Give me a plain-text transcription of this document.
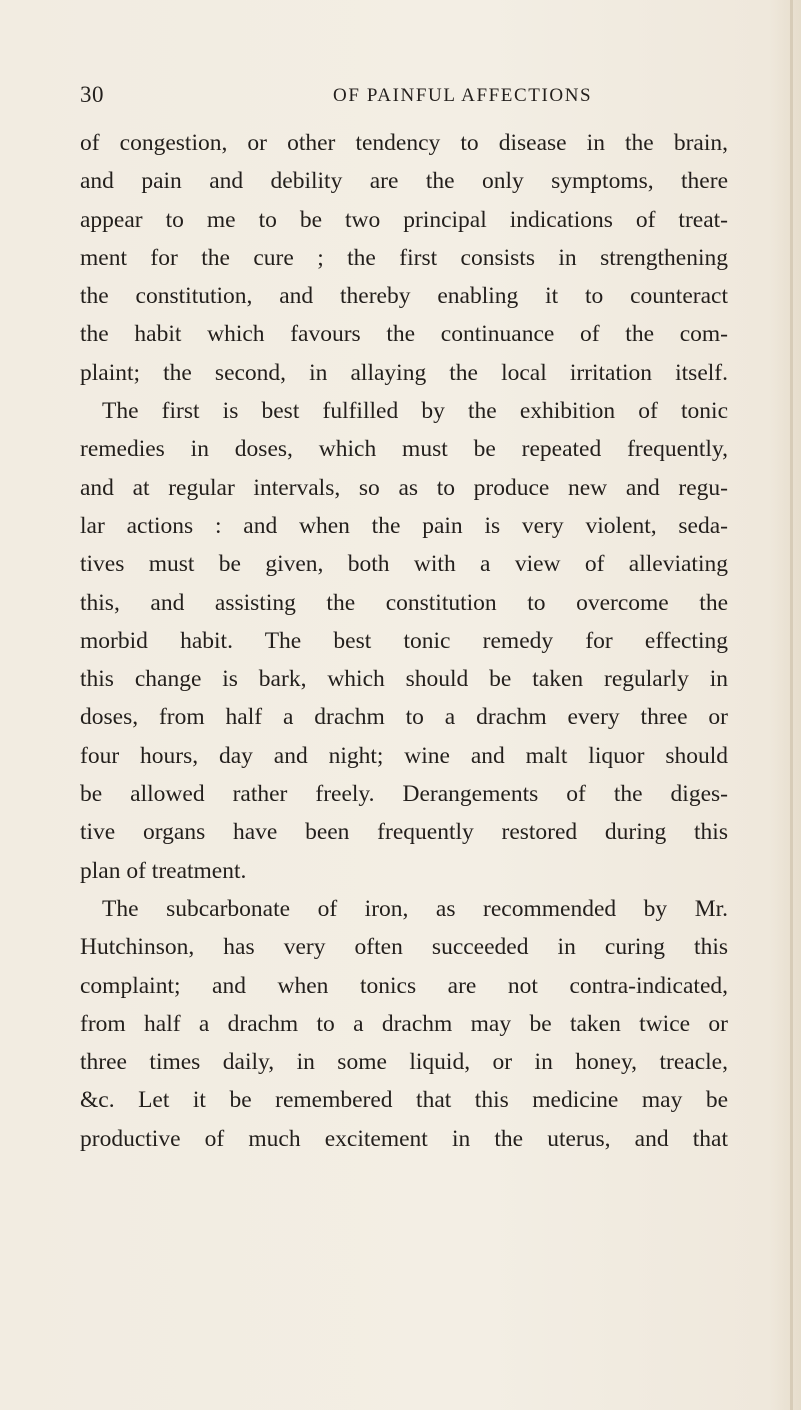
30	OF PAINFUL AFFECTIONS
of congestion, or other tendency to disease in the brain,
and pain and debility are the only symptoms, there
appear to me to be two principal indications of treat-
ment for the cure ; the first consists in strengthening
the constitution, and thereby enabling it to counteract
the habit which favours the continuance of the com-
plaint; the second, in allaying the local irritation itself.
The first is best fulfilled by the exhibition of tonic
remedies in doses, which must be repeated frequently,
and at regular intervals, so as to produce new and regu-
lar actions : and when the pain is very violent, seda-
tives must be given, both with a view of alleviating
this, and assisting the constitution to overcome the
morbid habit. The best tonic remedy for effecting
this change is bark, which should be taken regularly in
doses, from half a drachm to a drachm every three or
four hours, day and night; wine and malt liquor should
be allowed rather freely. Derangements of the diges-
tive organs have been frequently restored during this
plan of treatment.
The subcarbonate of iron, as recommended by Mr.
Hutchinson, has very often succeeded in curing this
complaint; and when tonics are not contra-indicated,
from half a drachm to a drachm may be taken twice or
three times daily, in some liquid, or in honey, treacle,
&c. Let it be remembered that this medicine may be
productive of much excitement in the uterus, and that
